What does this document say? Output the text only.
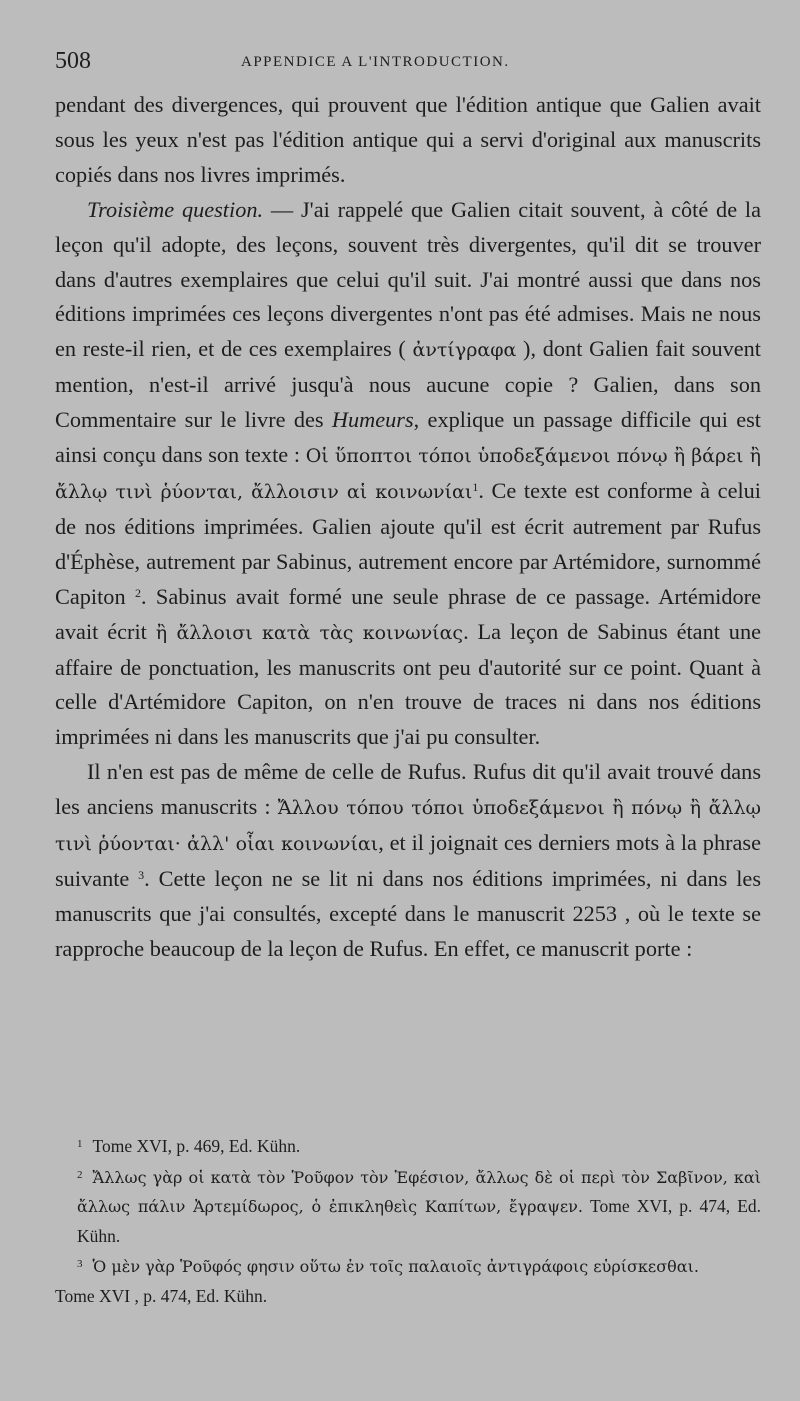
508	APPENDICE A L'INTRODUCTION.

pendant des divergences, qui prouvent que l'édition antique que Galien avait sous les yeux n'est pas l'édition antique qui a servi d'original aux manuscrits copiés dans nos livres imprimés.

Troisième question. — J'ai rappelé que Galien citait souvent, à côté de la leçon qu'il adopte, des leçons, souvent très divergentes, qu'il dit se trouver dans d'autres exemplaires que celui qu'il suit. J'ai montré aussi que dans nos éditions imprimées ces leçons divergentes n'ont pas été admises. Mais ne nous en reste-il rien, et de ces exemplaires ( ἀντίγραφα ), dont Galien fait souvent mention, n'est-il arrivé jusqu'à nous aucune copie ? Galien, dans son Commentaire sur le livre des Humeurs, explique un passage difficile qui est ainsi conçu dans son texte : Οἱ ὕποπτοι τόποι ὑποδεξάμενοι πόνῳ ἢ βάρει ἢ ἄλλῳ τινὶ ῥύονται, ἄλλοισιν αἱ κοινωνίαι$^1$. Ce texte est conforme à celui de nos éditions imprimées. Galien ajoute qu'il est écrit autrement par Rufus d'Éphèse, autrement par Sabinus, autrement encore par Artémidore, surnommé Capiton $^2$. Sabinus avait formé une seule phrase de ce passage. Artémidore avait écrit ἢ ἄλλοισι κατὰ τὰς κοινωνίας. La leçon de Sabinus étant une affaire de ponctuation, les manuscrits ont peu d'autorité sur ce point. Quant à celle d'Artémidore Capiton, on n'en trouve de traces ni dans nos éditions imprimées ni dans les manuscrits que j'ai pu consulter.

Il n'en est pas de même de celle de Rufus. Rufus dit qu'il avait trouvé dans les anciens manuscrits : Ἄλλου τόπου τόποι ὑποδεξάμενοι ἢ πόνῳ ἢ ἄλλῳ τινὶ ῥύονται· ἀλλ' οἷαι κοινωνίαι, et il joignait ces derniers mots à la phrase suivante $^3$. Cette leçon ne se lit ni dans nos éditions imprimées, ni dans les manuscrits que j'ai consultés, excepté dans le manuscrit 2253 , où le texte se rapproche beaucoup de la leçon de Rufus. En effet, ce manuscrit porte :

$^1$ Tome XVI, p. 469, Ed. Kühn.

$^2$ Ἄλλως γὰρ οἱ κατὰ τὸν Ῥοῦφον τὸν Ἐφέσιον, ἄλλως δὲ οἱ περὶ τὸν Σαβῖνον, καὶ ἄλλως πάλιν Ἀρτεμίδωρος, ὁ ἐπικληθεὶς Καπίτων, ἔγραψεν. Tome XVI, p. 474, Ed. Kühn.

$^3$ Ὁ μὲν γὰρ Ῥοῦφός φησιν οὕτω ἐν τοῖς παλαιοῖς ἀντιγράφοις εὑρίσκεσθαι.

Tome XVI , p. 474, Ed. Kühn.
